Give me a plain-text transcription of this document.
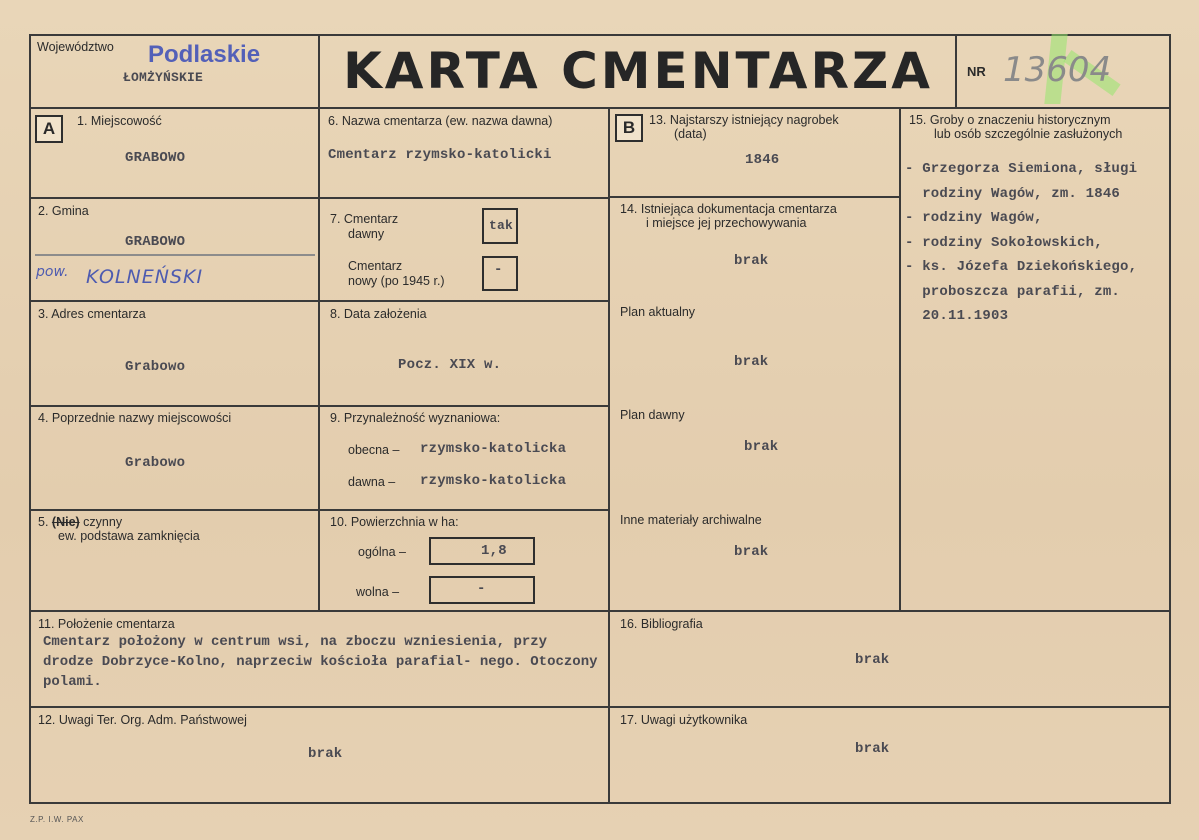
Województwo Podlaskie
ŁOMŻYŃSKIE	KARTA CMENTARZA	NR 13604
A	1. Miejscowość
GRABOWO
2. Gmina
GRABOWO
pow. KOLNEŃSKI
3. Adres cmentarza
Grabowo
4. Poprzednie nazwy miejscowości
Grabowo
5. (Nie) czynny
ew. podstawa zamknięcia
6. Nazwa cmentarza (ew. nazwa dawna)
Cmentarz rzymsko-katolicki
7. Cmentarz
dawny
tak
Cmentarz
nowy (po 1945 r.)
-
8. Data założenia
Pocz. XIX w.
9. Przynależność wyznaniowa:
obecna – rzymsko-katolicka
dawna – rzymsko-katolicka
10. Powierzchnia w ha:
ogólna –	1,8
wolna –	-
B	13. Najstarszy istniejący nagrobek
(data)
1846
14. Istniejąca dokumentacja cmentarza
i miejsce jej przechowywania
brak
Plan aktualny
brak
Plan dawny
brak
Inne materiały archiwalne
brak
15. Groby o znaczeniu historycznym
lub osób szczególnie zasłużonych
- Grzegorza Siemiona, sługi
rodziny Wagów, zm. 1846
- rodziny Wagów,
- rodziny Sokołowskich,
- ks. Józefa Dziekońskiego,
proboszcza parafii, zm.
20.11.1903
11. Położenie cmentarza
Cmentarz położony w centrum wsi, na zboczu wzniesienia, przy drodze Dobrzyce-Kolno, naprzeciw kościoła parafial- nego. Otoczony polami.
16. Bibliografia
brak
12. Uwagi Ter. Org. Adm. Państwowej
brak
17. Uwagi użytkownika
brak
Z.P. I.W. PAX
